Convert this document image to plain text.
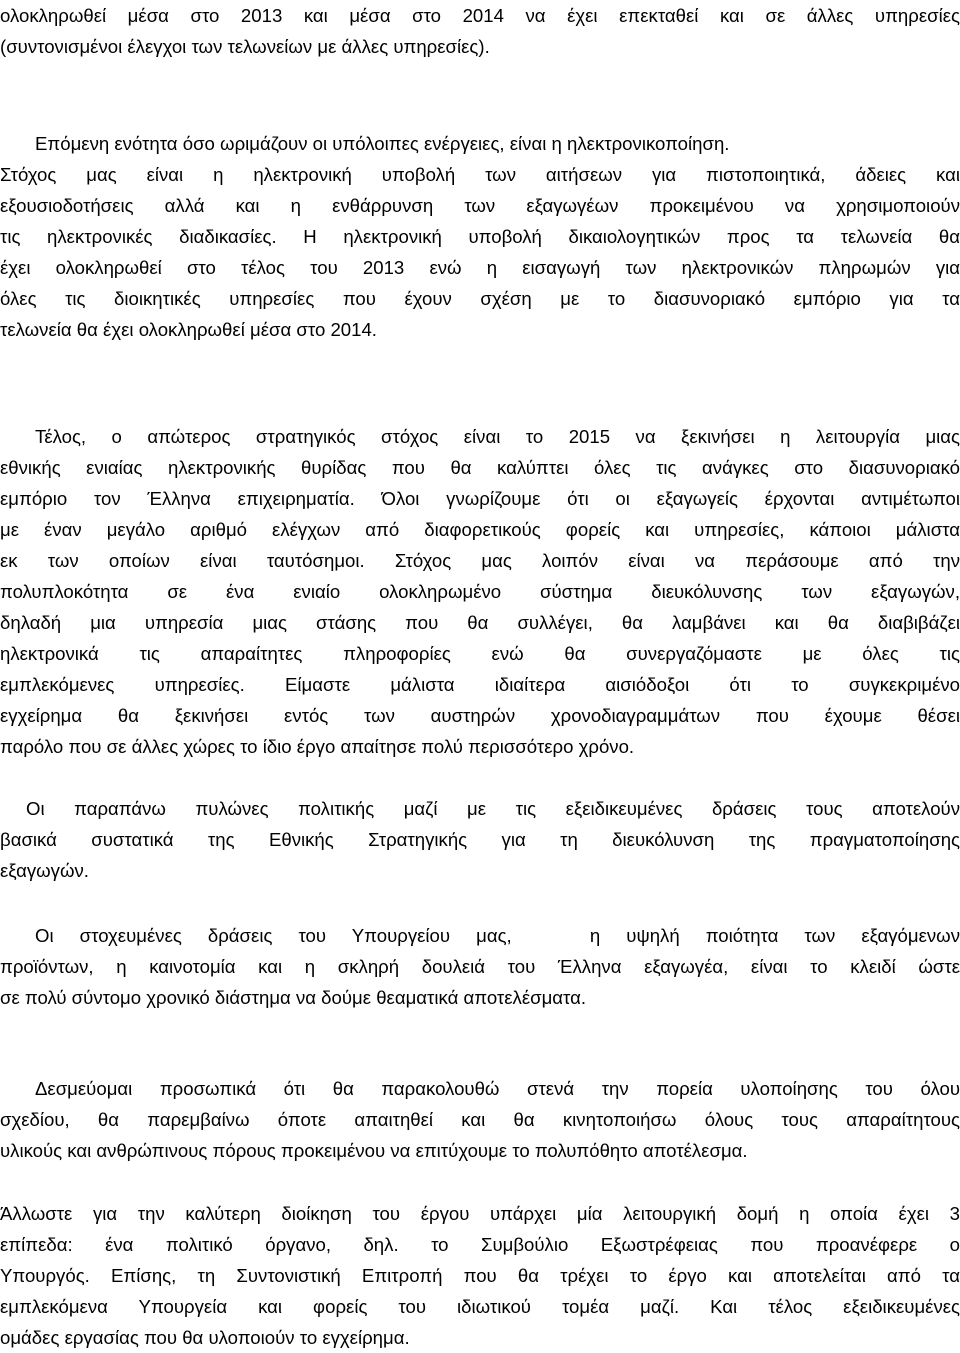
ολοκληρωθεί μέσα στο 2013 και μέσα στο 2014 να έχει επεκταθεί και σε άλλες υπηρεσίες
(συντονισμένοι έλεγχοι των τελωνείων με άλλες υπηρεσίες).
Επόμενη ενότητα όσο ωριμάζουν οι υπόλοιπες ενέργειες, είναι η ηλεκτρονικοποίηση.
Στόχος μας είναι η ηλεκτρονική υποβολή των αιτήσεων για πιστοποιητικά, άδειες και
εξουσιοδοτήσεις αλλά και η ενθάρρυνση των εξαγωγέων προκειμένου να χρησιμοποιούν
τις ηλεκτρονικές διαδικασίες. Η ηλεκτρονική υποβολή δικαιολογητικών προς τα τελωνεία θα
έχει ολοκληρωθεί στο τέλος του 2013 ενώ η εισαγωγή των ηλεκτρονικών πληρωμών για
όλες τις διοικητικές υπηρεσίες που έχουν σχέση με το διασυνοριακό εμπόριο για τα
τελωνεία θα έχει ολοκληρωθεί μέσα στο 2014.
Τέλος, ο απώτερος στρατηγικός στόχος είναι το 2015 να ξεκινήσει η λειτουργία μιας
εθνικής ενιαίας ηλεκτρονικής θυρίδας που θα καλύπτει όλες τις ανάγκες στο διασυνοριακό
εμπόριο τον Έλληνα επιχειρηματία. Όλοι γνωρίζουμε ότι οι εξαγωγείς έρχονται αντιμέτωποι
με έναν μεγάλο αριθμό ελέγχων από διαφορετικούς φορείς και υπηρεσίες, κάποιοι μάλιστα
εκ των οποίων είναι ταυτόσημοι. Στόχος μας λοιπόν είναι να περάσουμε από την
πολυπλοκότητα σε ένα ενιαίο ολοκληρωμένο σύστημα διευκόλυνσης των εξαγωγών,
δηλαδή μια υπηρεσία μιας στάσης που θα συλλέγει, θα λαμβάνει και θα διαβιβάζει
ηλεκτρονικά τις απαραίτητες πληροφορίες ενώ θα συνεργαζόμαστε με όλες τις
εμπλεκόμενες υπηρεσίες. Είμαστε μάλιστα ιδιαίτερα αισιόδοξοι ότι το συγκεκριμένο
εγχείρημα θα ξεκινήσει εντός των αυστηρών χρονοδιαγραμμάτων που έχουμε θέσει
παρόλο που σε άλλες χώρες το ίδιο έργο απαίτησε πολύ περισσότερο χρόνο.
Οι παραπάνω πυλώνες πολιτικής μαζί με τις εξειδικευμένες δράσεις τους αποτελούν
βασικά συστατικά της Εθνικής Στρατηγικής για τη διευκόλυνση της πραγματοποίησης
εξαγωγών.
Οι στοχευμένες δράσεις του Υπουργείου μας,   η υψηλή ποιότητα των εξαγόμενων
προϊόντων, η καινοτομία και η σκληρή δουλειά του Έλληνα εξαγωγέα, είναι το κλειδί ώστε
σε πολύ σύντομο χρονικό διάστημα να δούμε θεαματικά αποτελέσματα.
Δεσμεύομαι προσωπικά ότι θα παρακολουθώ στενά την πορεία υλοποίησης του όλου
σχεδίου, θα παρεμβαίνω όποτε απαιτηθεί και θα κινητοποιήσω όλους τους απαραίτητους
υλικούς και ανθρώπινους πόρους προκειμένου να επιτύχουμε το πολυπόθητο αποτέλεσμα.
Άλλωστε για την καλύτερη διοίκηση του έργου υπάρχει μία λειτουργική δομή η οποία έχει 3
επίπεδα: ένα πολιτικό όργανο, δηλ. το Συμβούλιο Εξωστρέφειας που προανέφερε ο
Υπουργός. Επίσης, τη Συντονιστική Επιτροπή που θα τρέχει το έργο και αποτελείται από τα
εμπλεκόμενα Υπουργεία και φορείς του ιδιωτικού τομέα μαζί. Και τέλος εξειδικευμένες
ομάδες εργασίας που θα υλοποιούν το εγχείρημα.
